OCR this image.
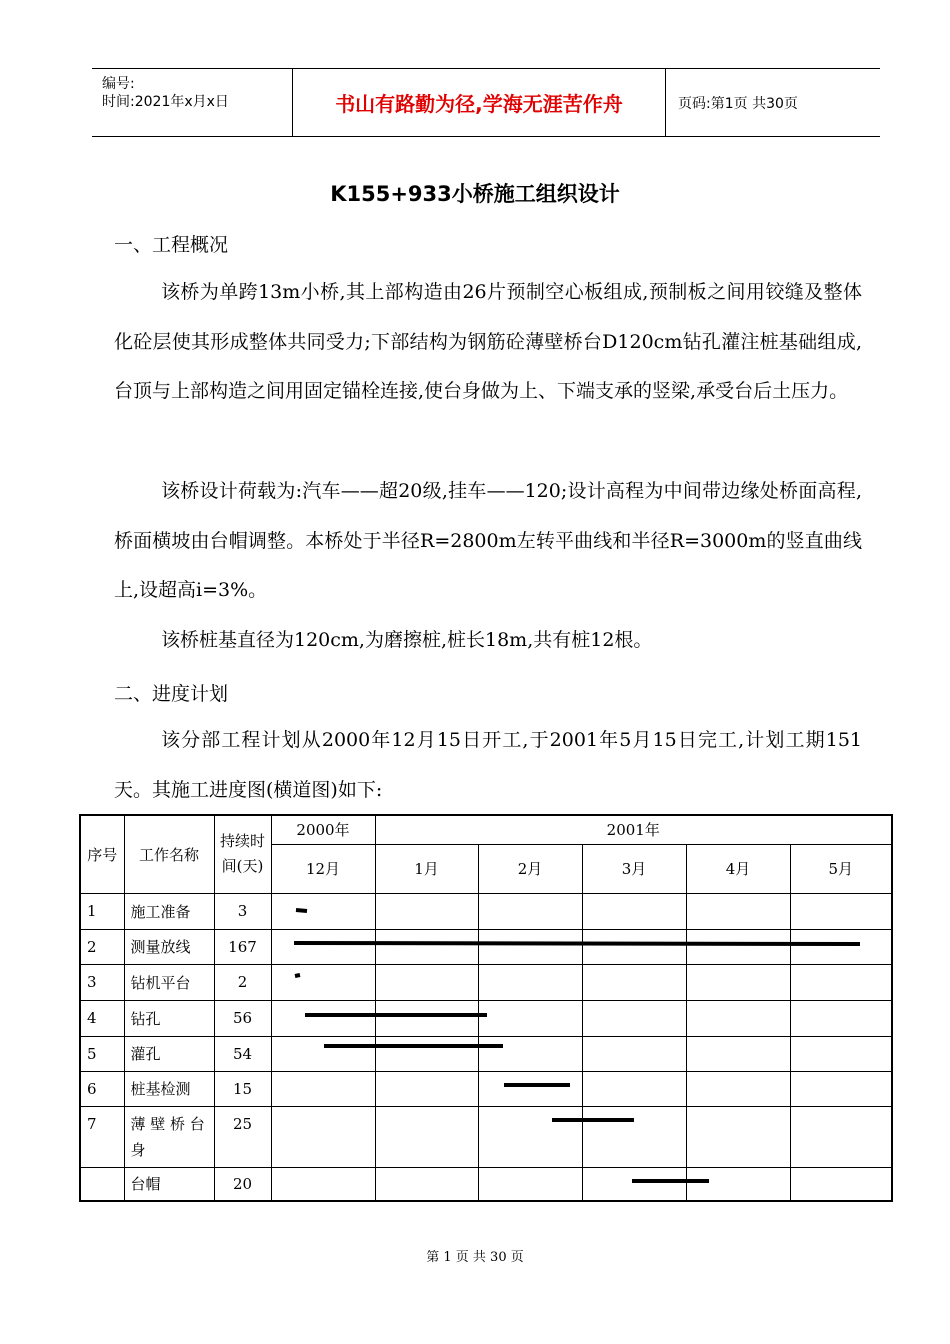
编号:
时间:2021年x月x日	书山有路勤为径,学海无涯苦作舟	页码:第1页 共30页
K155+933小桥施工组织设计

一、工程概况

该桥为单跨13m小桥,其上部构造由26片预制空心板组成,预制板之间用铰缝及整体化砼层使其形成整体共同受力;下部结构为钢筋砼薄壁桥台D120cm钻孔灌注桩基础组成,台顶与上部构造之间用固定锚栓连接,使台身做为上、下端支承的竖梁,承受台后土压力。

该桥设计荷载为:汽车——超20级,挂车——120;设计高程为中间带边缘处桥面高程,桥面横坡由台帽调整。本桥处于半径R=2800m左转平曲线和半径R=3000m的竖直曲线上,设超高i=3%。

该桥桩基直径为120cm,为磨擦桩,桩长18m,共有桩12根。

二、进度计划

该分部工程计划从2000年12月15日开工,于2001年5月15日完工,计划工期151天。其施工进度图(横道图)如下:

序号	工作名称	持续时间(天)	2000年	2001年				
			12月	1月	2月	3月	4月	5月
1	施工准备	3						
2	测量放线	167						
3	钻机平台	2						
4	钻孔	56						
5	灌孔	54						
6	桩基检测	15						
7	薄 壁 桥 台 身	25						
	台帽	20						
第 1 页 共 30 页
